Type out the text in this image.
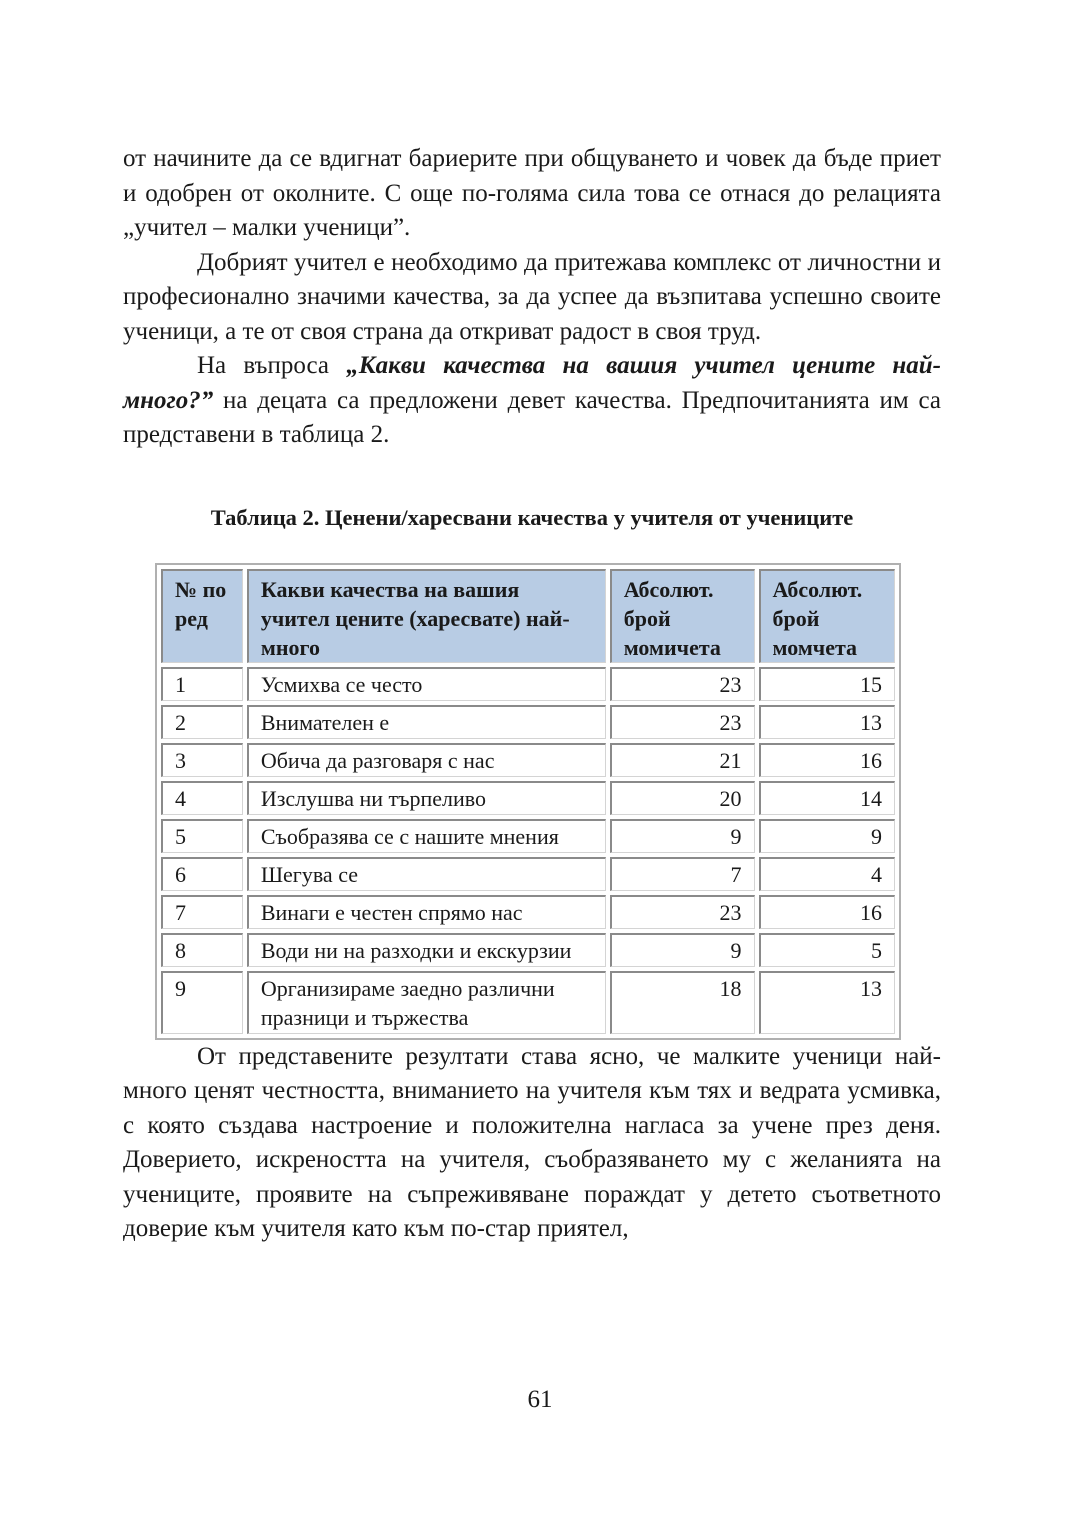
от начините да се вдигнат бариерите при общуването и човек да бъде приет и одобрен от околните. С още по-голяма сила това се отнася до релацията „учител – малки ученици”.

Добрият учител е необходимо да притежава комплекс от личностни и професионално значими качества, за да успее да възпитава успешно своите ученици, а те от своя страна да откриват радост в своя труд.

На въпроса „Какви качества на вашия учител цените най-много?” на децата са предложени девет качества. Предпочитанията им са представени в таблица 2.

Таблица 2. Ценени/харесвани качества у учителя от учениците
№ по ред	Какви качества на вашия учител цените (харесвате) най-много	Абсолют. брой момичета	Абсолют. брой момчета
1	Усмихва се често	23	15
2	Внимателен е	23	13
3	Обича да разговаря с нас	21	16
4	Изслушва ни търпеливо	20	14
5	Съобразява се с нашите мнения	9	9
6	Шегува се	7	4
7	Винаги е честен спрямо нас	23	16
8	Води ни на разходки и екскурзии	9	5
9	Организираме заедно различни празници и тържества	18	13

От представените резултати става ясно, че малките ученици най-много ценят честността, вниманието на учителя към тях и ведрата усмивка, с която създава настроение и положителна нагласа за учене през деня. Доверието, искреността на учителя, съобразяването му с желанията на учениците, проявите на съпреживяване пораждат у детето съответното доверие към учителя като към по-стар приятел,

61
